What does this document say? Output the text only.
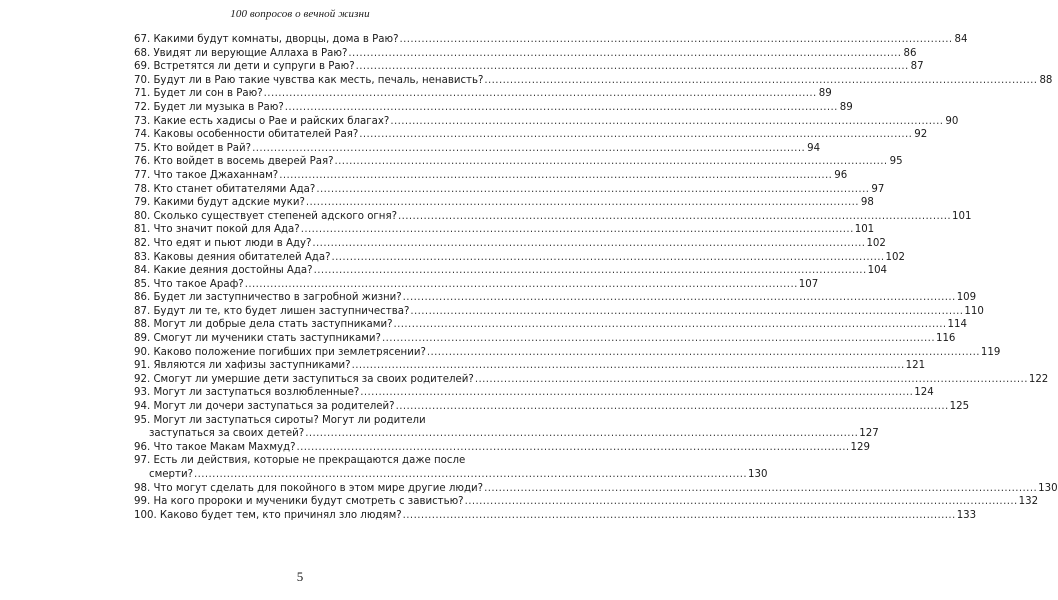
100 вопросов о вечной жизни
67. Какими будут комнаты, дворцы, дома в Раю? .....	84
68. Увидят ли верующие Аллаха в Раю? .....	86
69. Встретятся ли дети и супруги в Раю? .....	87
70. Будут ли в Раю такие чувства как месть, печаль, ненависть? .....	88
71. Будет ли сон в Раю? .....	89
72. Будет ли музыка в Раю? .....	89
73. Какие есть хадисы о Рае и райских благах? .....	90
74. Каковы особенности обитателей Рая? .....	92
75. Кто войдет в Рай? .....	94
76. Кто войдет в восемь дверей Рая? .....	95
77. Что такое Джаханнам? .....	96
78. Кто станет обитателями Ада? .....	97
79. Какими будут адские муки? .....	98
80. Сколько существует степеней адского огня? .....	101
81. Что значит покой для Ада? .....	101
82. Что едят и пьют люди в Аду? .....	102
83. Каковы деяния обитателей Ада? .....	102
84. Какие деяния достойны Ада? .....	104
85. Что такое Араф? .....	107
86. Будет ли заступничество в загробной жизни? .....	109
87. Будут ли те, кто будет лишен заступничества? .....	110
88. Могут ли добрые дела стать заступниками? .....	114
89. Смогут ли мученики стать заступниками? .....	116
90. Каково положение погибших при землетрясении? .....	119
91. Являются ли хафизы заступниками? .....	121
92. Смогут ли умершие дети заступиться за своих родителей? .....	122
93. Могут ли заступаться возлюбленные? .....	124
94. Могут ли дочери заступаться за родителей? .....	125
95. Могут ли заступаться сироты? Могут ли родители
заступаться за своих детей? .....	127
96. Что такое Макам Махмуд? .....	129
97. Есть ли действия, которые не прекращаются даже после
смерти? .....	130
98. Что могут сделать для покойного в этом мире другие люди? .....	130
99. На кого пророки и мученики будут смотреть с завистью? .....	132
100. Каково будет тем, кто причинял зло людям? .....	133
5
